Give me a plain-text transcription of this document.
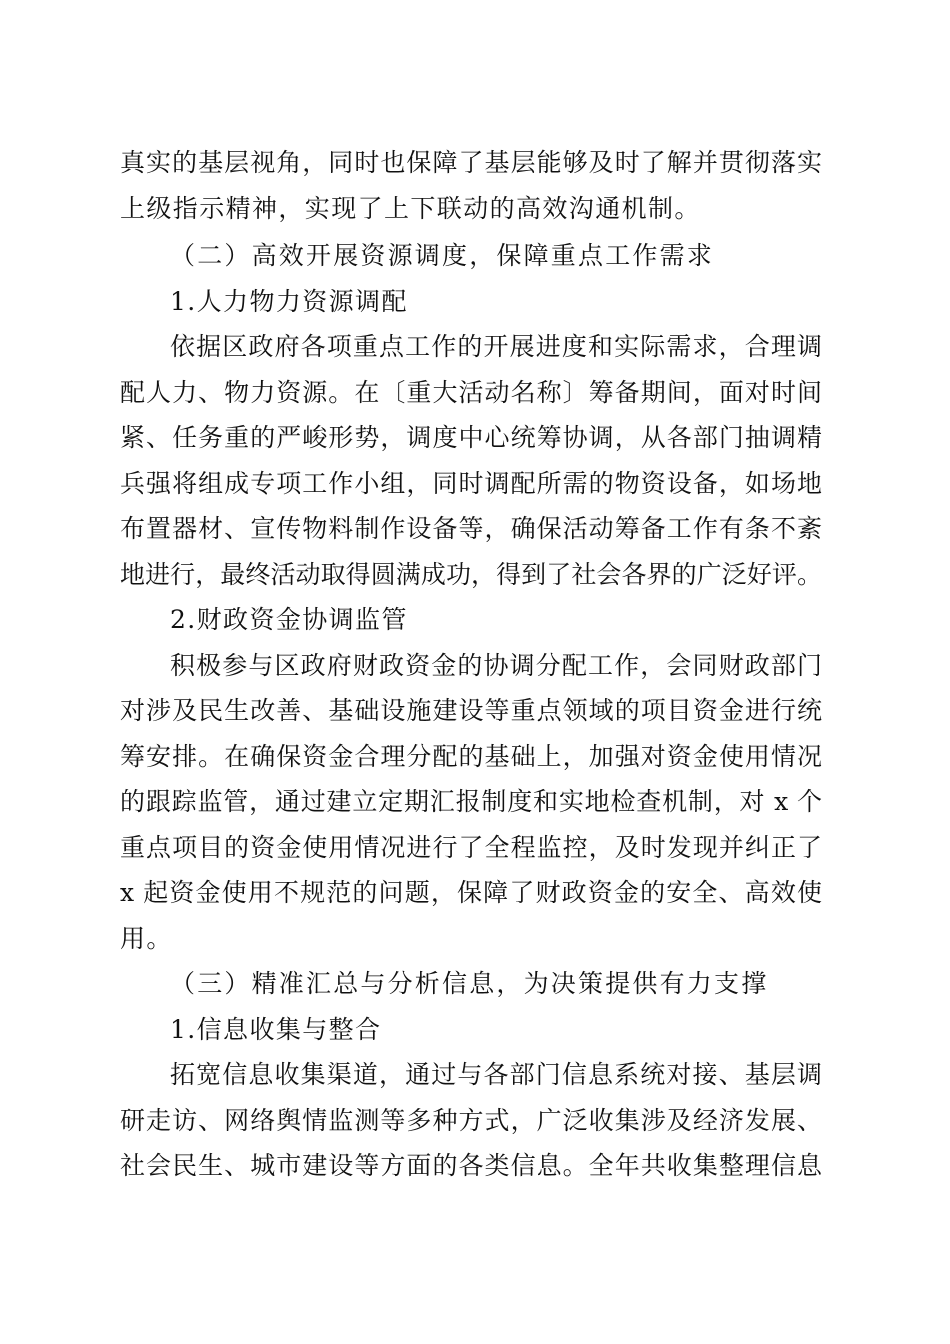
真实的基层视角，同时也保障了基层能够及时了解并贯彻落实
上级指示精神，实现了上下联动的高效沟通机制。
（二）高效开展资源调度，保障重点工作需求
1.人力物力资源调配
依据区政府各项重点工作的开展进度和实际需求，合理调
配人力、物力资源。在〔重大活动名称〕筹备期间，面对时间
紧、任务重的严峻形势，调度中心统筹协调，从各部门抽调精
兵强将组成专项工作小组，同时调配所需的物资设备，如场地
布置器材、宣传物料制作设备等，确保活动筹备工作有条不紊
地进行，最终活动取得圆满成功，得到了社会各界的广泛好评。
2.财政资金协调监管
积极参与区政府财政资金的协调分配工作，会同财政部门
对涉及民生改善、基础设施建设等重点领域的项目资金进行统
筹安排。在确保资金合理分配的基础上，加强对资金使用情况
的跟踪监管，通过建立定期汇报制度和实地检查机制，对 x 个
重点项目的资金使用情况进行了全程监控，及时发现并纠正了
x 起资金使用不规范的问题，保障了财政资金的安全、高效使
用。
（三）精准汇总与分析信息，为决策提供有力支撑
1.信息收集与整合
拓宽信息收集渠道，通过与各部门信息系统对接、基层调
研走访、网络舆情监测等多种方式，广泛收集涉及经济发展、
社会民生、城市建设等方面的各类信息。全年共收集整理信息
